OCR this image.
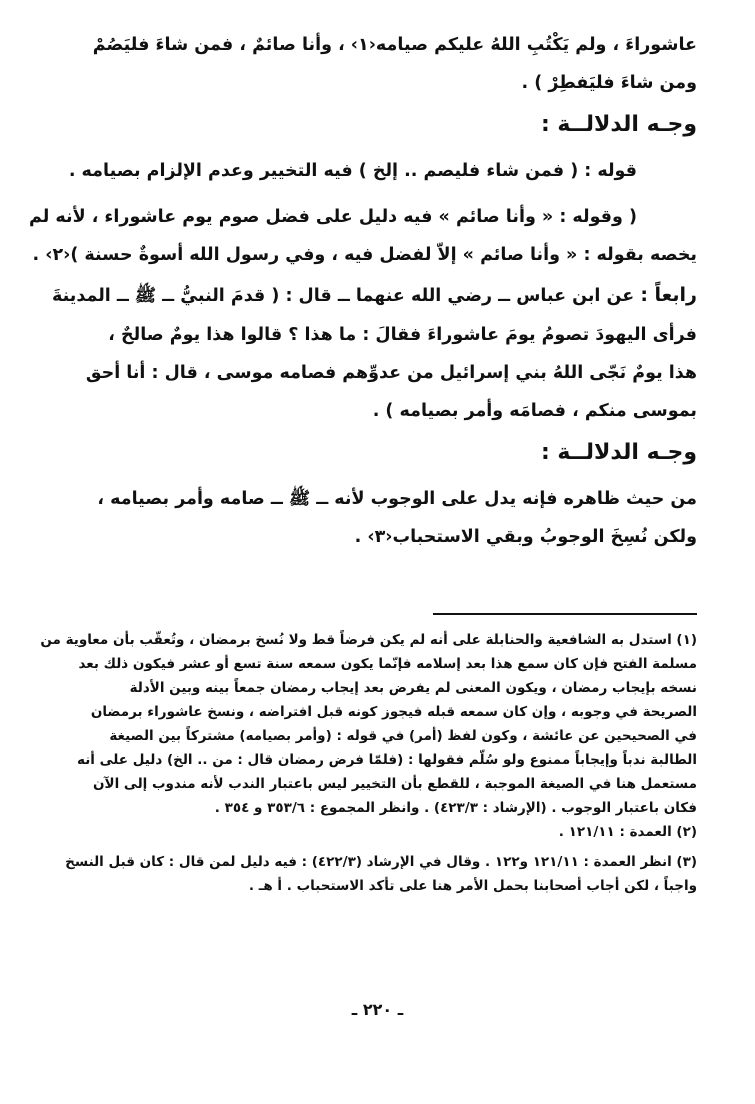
عاشوراءَ ، ولم يَكْتُبِ اللهُ عليكم صيامه‹١› ، وأنا صائمٌ ، فمن شاءَ فليَصُمْ
ومن شاءَ فليَفطِرْ ) .
وجـه الدلالــة :
قوله : ( فمن شاء فليصم .. إلخ ) فيه التخيير وعدم الإلزام بصيامه .
( وقوله : « وأنا صائم » فيه دليل على فضل صوم يوم عاشوراء ، لأنه لم
يخصه بقوله : « وأنا صائم » إلاّ لفضل فيه ، وفي رسول الله أسوةٌ حسنة )‹٢› .
رابعاً : عن ابن عباس ــ رضي الله عنهما ــ قال : ( قدمَ النبيُّ ــ ﷺ ــ المدينةَ
فرأى اليهودَ تصومُ يومَ عاشوراءَ فقالَ : ما هذا ؟ قالوا هذا يومٌ صالحٌ ،
هذا يومٌ نَجّى اللهُ بني إسرائيل من عدوِّهم فصامه موسى ، قال : أنا أحق
بموسى منكم ، فصامَه وأمر بصيامه ) .
وجـه الدلالــة :
من حيث ظاهره فإنه يدل على الوجوب لأنه ــ ﷺ ــ صامه وأمر بصيامه ،
ولكن نُسِخَ الوجوبُ وبقي الاستحباب‹٣› .
(١) استدل به الشافعية والحنابلة على أنه لم يكن فرضاً قط ولا نُسخ برمضان ، وتُعقّب بأن معاوية من
مسلمة الفتح فإن كان سمع هذا بعد إسلامه فإنّما يكون سمعه سنة تسع أو عشر فيكون ذلك بعد
نسخه بإيجاب رمضان ، ويكون المعنى لم يفرض بعد إيجاب رمضان جمعاً بينه وبين الأدلة
الصريحة في وجوبه ، وإن كان سمعه قبله فيجوز كونه قبل افتراضه ، ونسخ عاشوراء برمضان
في الصحيحين عن عائشة ، وكون لفظ (أمر) في قوله : (وأمر بصيامه) مشتركاً بين الصيغة
الطالبة ندباً وإيجاباً ممنوع ولو سُلّم فقولها : (فلمّا فرض رمضان قال : من .. الخ) دليل على أنه
مستعمل هنا في الصيغة الموجبة ، للقطع بأن التخيير ليس باعتبار الندب لأنه مندوب إلى الآن
فكان باعتبار الوجوب . (الإرشاد : ٤٢٣/٣) . وانظر المجموع : ٣٥٣/٦ و ٣٥٤ .
(٢) العمدة : ١٢١/١١ .
(٣) انظر العمدة : ١٢١/١١ و١٢٢ . وقال في الإرشاد (٤٢٢/٣) : فيه دليل لمن قال : كان قبل النسخ
واجباً ، لكن أجاب أصحابنا بحمل الأمر هنا على تأكد الاستحباب . أ هـ .
ـ ٢٢٠ ـ
